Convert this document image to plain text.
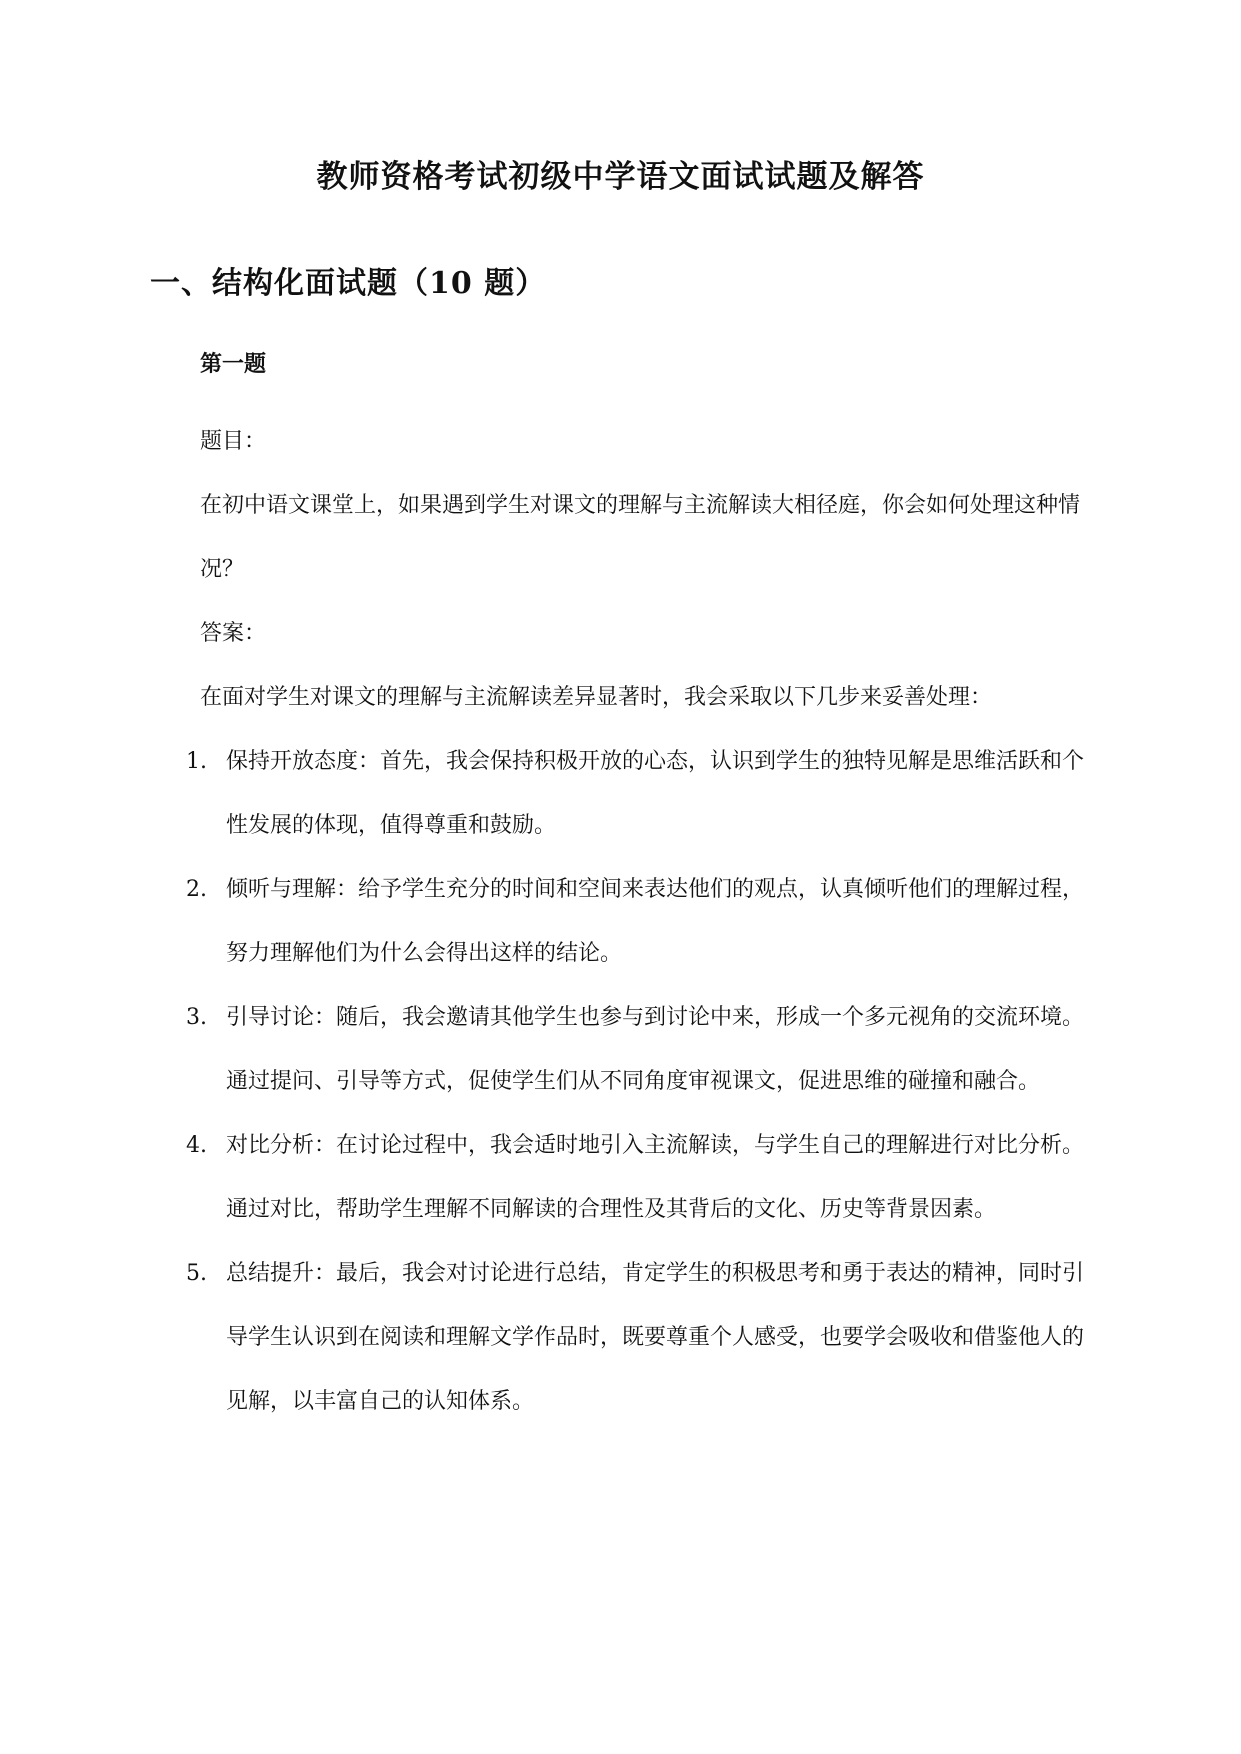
教师资格考试初级中学语文面试试题及解答
一、结构化面试题（10 题）
第一题

题目：

在初中语文课堂上，如果遇到学生对课文的理解与主流解读大相径庭，你会如何处理这种情况？

答案：

在面对学生对课文的理解与主流解读差异显著时，我会采取以下几步来妥善处理：

1. 保持开放态度：首先，我会保持积极开放的心态，认识到学生的独特见解是思维活跃和个性发展的体现，值得尊重和鼓励。
2. 倾听与理解：给予学生充分的时间和空间来表达他们的观点，认真倾听他们的理解过程，努力理解他们为什么会得出这样的结论。
3. 引导讨论：随后，我会邀请其他学生也参与到讨论中来，形成一个多元视角的交流环境。通过提问、引导等方式，促使学生们从不同角度审视课文，促进思维的碰撞和融合。
4. 对比分析：在讨论过程中，我会适时地引入主流解读，与学生自己的理解进行对比分析。通过对比，帮助学生理解不同解读的合理性及其背后的文化、历史等背景因素。
5. 总结提升：最后，我会对讨论进行总结，肯定学生的积极思考和勇于表达的精神，同时引导学生认识到在阅读和理解文学作品时，既要尊重个人感受，也要学会吸收和借鉴他人的见解，以丰富自己的认知体系。
